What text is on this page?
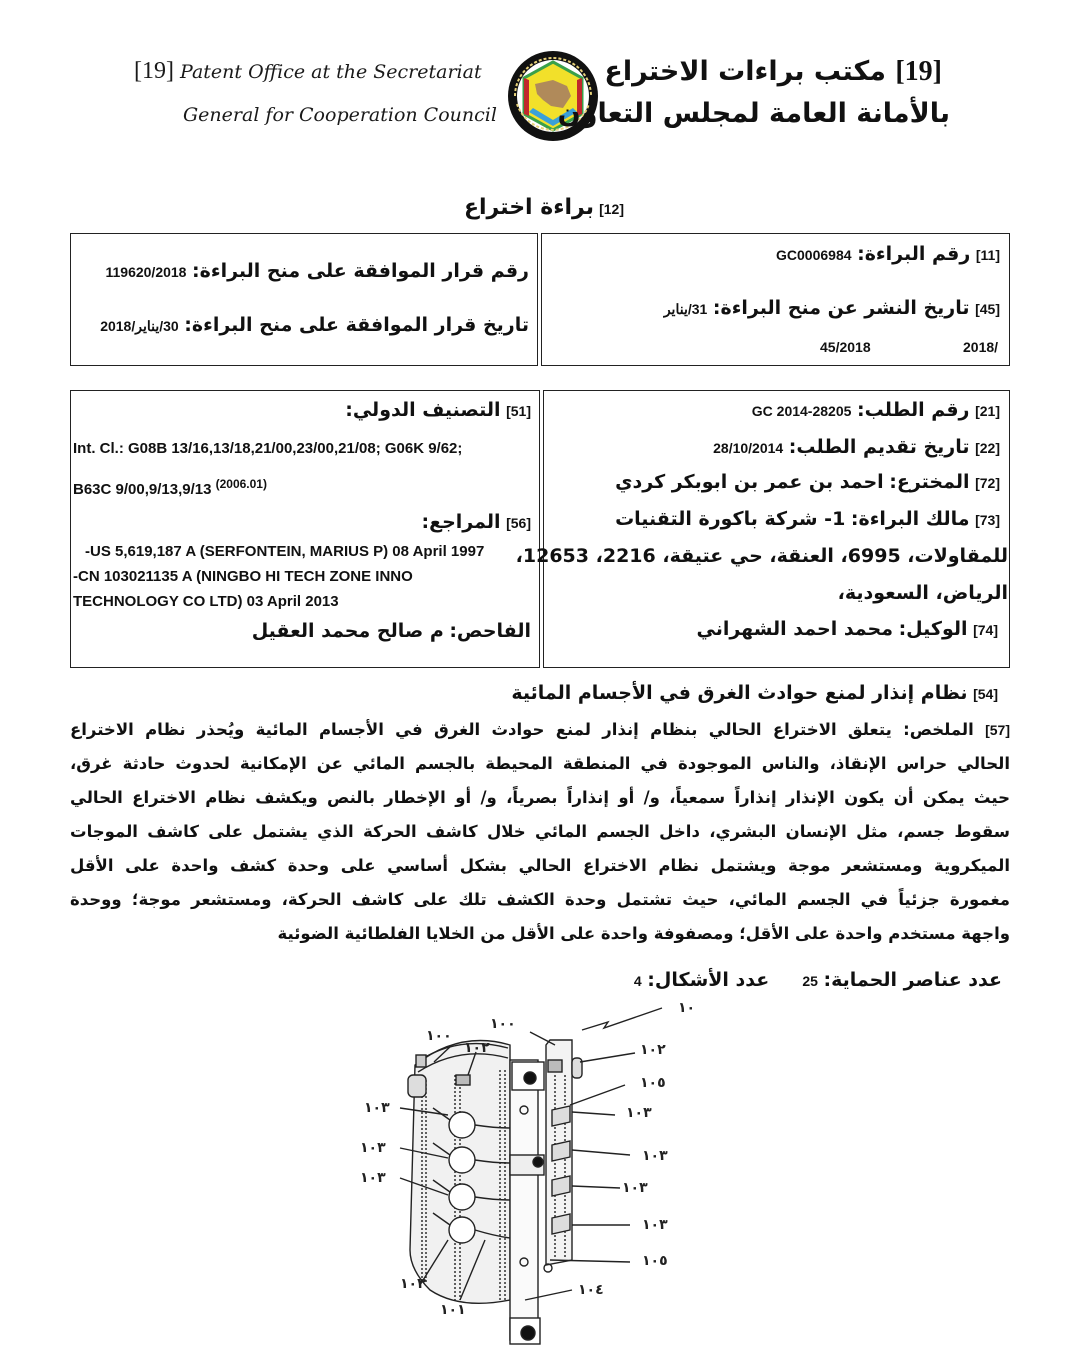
[19] Patent Office at the Secretariat
General for Cooperation Council
[19] مكتب براءات الاختراع
بالأمانة العامة لمجلس التعاون
[12] براءة اختراع
[11] رقم البراءة: GC0006984
[45] تاريخ النشر عن منح البراءة: 31/يناير
2018/
45/2018
رقم قرار الموافقة على منح البراءة: 119620/2018
تاريخ قرار الموافقة على منح البراءة: 30/يناير/2018
[21] رقم الطلب: GC 2014-28205
[22] تاريخ تقديم الطلب: 28/10/2014
[72] المخترع: احمد بن عمر بن ابوبكر كردي
[73] مالك البراءة: 1- شركة باكورة التقنيات
للمقاولات، 6995، العنقة، حي عتيقة، 2216، 12653،
الرياض، السعودية،
[74] الوكيل: محمد احمد الشهراني
[51] التصنيف الدولي:
Int. Cl.: G08B 13/16,13/18,21/00,23/00,21/08; G06K 9/62;
B63C 9/00,9/13,9/13 $^{(2006.01)}$
[56] المراجع:
-US 5,619,187 A (SERFONTEIN, MARIUS P) 08 April 1997
-CN 103021135 A (NINGBO HI TECH ZONE INNO
TECHNOLOGY CO LTD) 03 April 2013
الفاحص: م صالح محمد العقيل
[54] نظام إنذار لمنع حوادث الغرق في الأجسام المائية

[57] الملخص: يتعلق الاختراع الحالي بنظام إنذار لمنع حوادث الغرق في الأجسام المائية ويُحذر نظام الاختراع

الحالي حراس الإنقاذ، والناس الموجودة في المنطقة المحيطة بالجسم المائي عن الإمكانية لحدوث حادثة غرق،

حيث يمكن أن يكون الإنذار إنذاراً سمعياً، و/ أو إنذاراً بصرياً، و/ أو الإخطار بالنص ويكشف نظام الاختراع الحالي

سقوط جسم، مثل الإنسان البشري، داخل الجسم المائي خلال كاشف الحركة الذي يشتمل على كاشف الموجات

الميكروية ومستشعر موجة ويشتمل نظام الاختراع الحالي بشكل أساسي على وحدة كشف واحدة على الأقل

مغمورة جزئياً في الجسم المائي، حيث تشتمل وحدة الكشف تلك على كاشف الحركة، ومستشعر موجة؛ ووحدة

واجهة مستخدم واحدة على الأقل؛ ومصفوفة واحدة على الأقل من الخلايا الفلطائية الضوئية

عدد عناصر الحماية: 25  عدد الأشكال: 4
١٠
١٠٠
١٠٠
١٠٢	١٠٢
١٠٥
١٠٣
١٠٣
١٠٣
١٠٣
١٠٣
١٠٣
١٠٣
١٠٥
١٠٤
١٠٣
١٠١
